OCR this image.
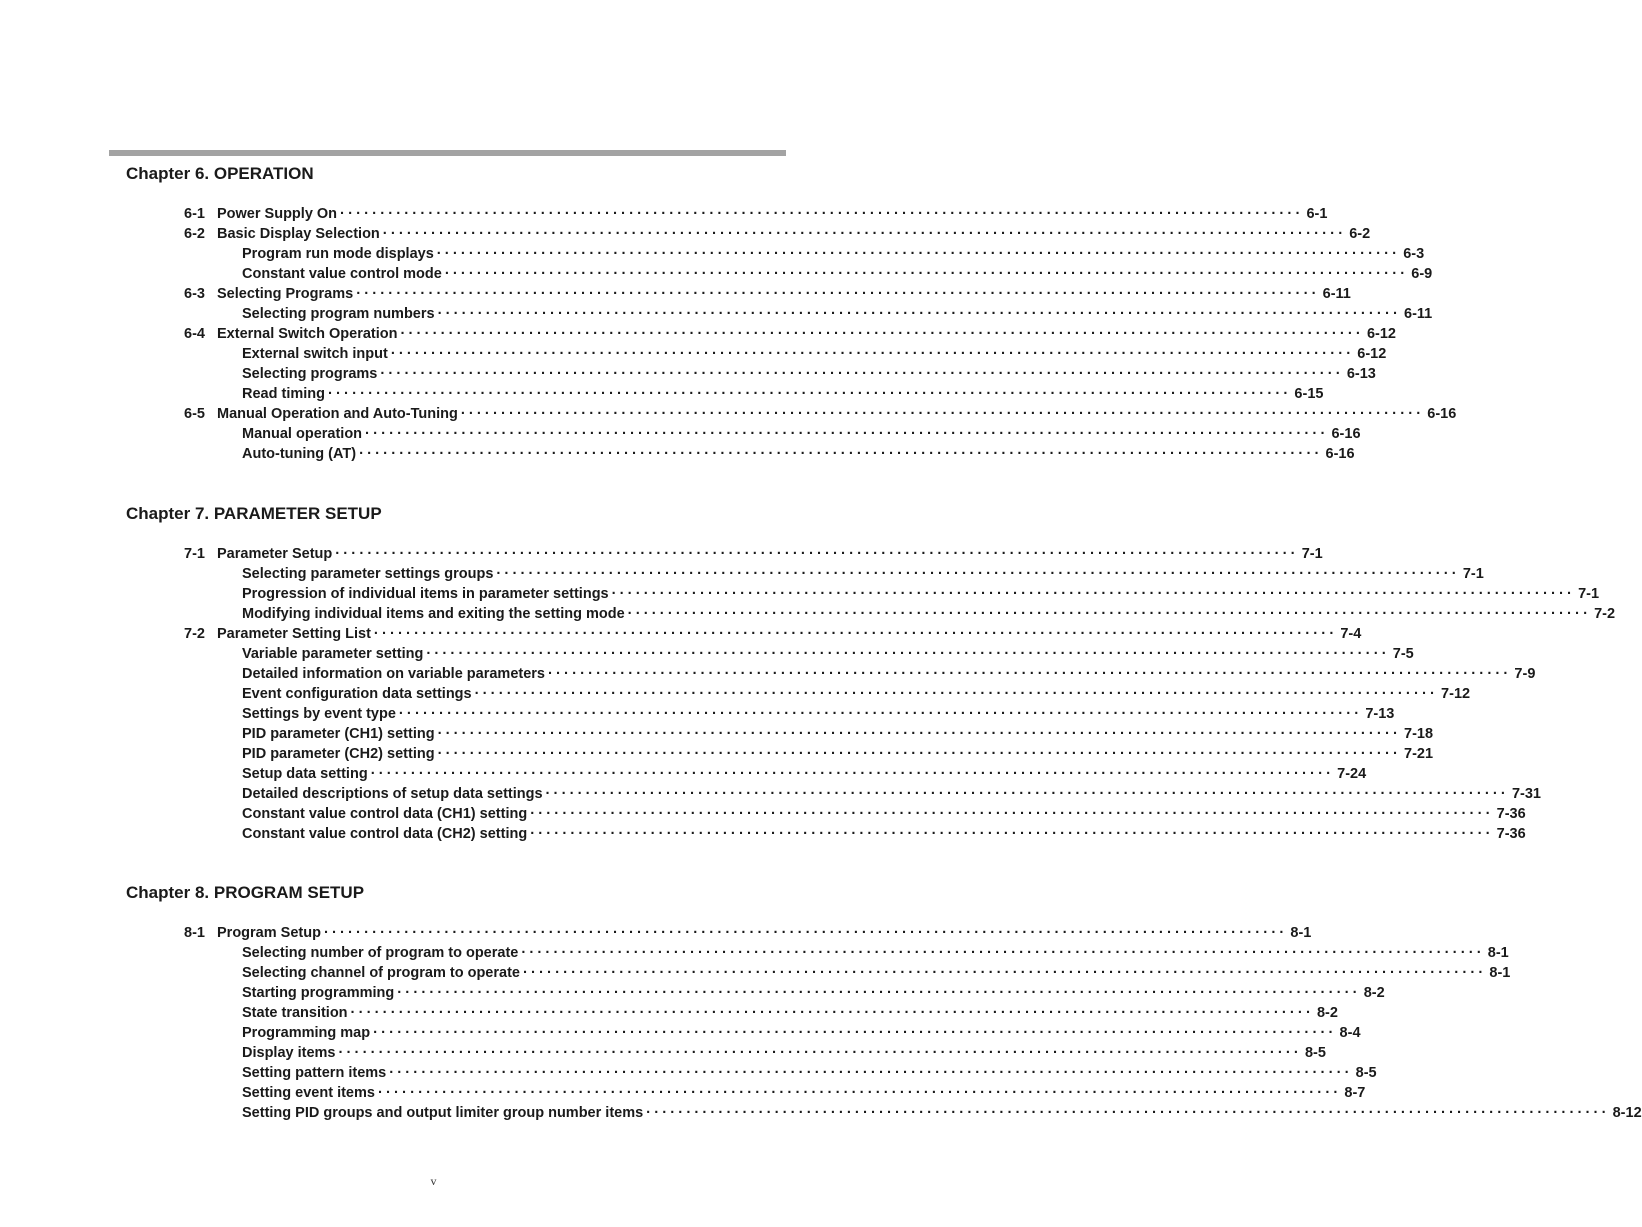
Chapter 6. OPERATION
6-1 Power Supply On ························································································································ 6-1
6-2 Basic Display Selection ························································································································ 6-2
Program run mode displays ························································································································ 6-3
Constant value control mode ························································································································ 6-9
6-3 Selecting Programs ························································································································ 6-11
Selecting program numbers ························································································································ 6-11
6-4 External Switch Operation ························································································································ 6-12
External switch input ························································································································ 6-12
Selecting programs ························································································································ 6-13
Read timing ························································································································ 6-15
6-5 Manual Operation and Auto-Tuning ························································································································ 6-16
Manual operation ························································································································ 6-16
Auto-tuning (AT) ························································································································ 6-16
Chapter 7. PARAMETER SETUP
7-1 Parameter Setup ························································································································ 7-1
Selecting parameter settings groups ························································································································ 7-1
Progression of individual items in parameter settings ························································································································ 7-1
Modifying individual items and exiting the setting mode ························································································································ 7-2
7-2 Parameter Setting List ························································································································ 7-4
Variable parameter setting ························································································································ 7-5
Detailed information on variable parameters ························································································································ 7-9
Event configuration data settings ························································································································ 7-12
Settings by event type ························································································································ 7-13
PID parameter (CH1) setting ························································································································ 7-18
PID parameter (CH2) setting ························································································································ 7-21
Setup data setting ························································································································ 7-24
Detailed descriptions of setup data settings ························································································································ 7-31
Constant value control data (CH1) setting ························································································································ 7-36
Constant value control data (CH2) setting ························································································································ 7-36
Chapter 8. PROGRAM SETUP
8-1 Program Setup ························································································································ 8-1
Selecting number of program to operate ························································································································ 8-1
Selecting channel of program to operate ························································································································ 8-1
Starting programming ························································································································ 8-2
State transition ························································································································ 8-2
Programming map ························································································································ 8-4
Display items ························································································································ 8-5
Setting pattern items ························································································································ 8-5
Setting event items ························································································································ 8-7
Setting PID groups and output limiter group number items ························································································································ 8-12
v
